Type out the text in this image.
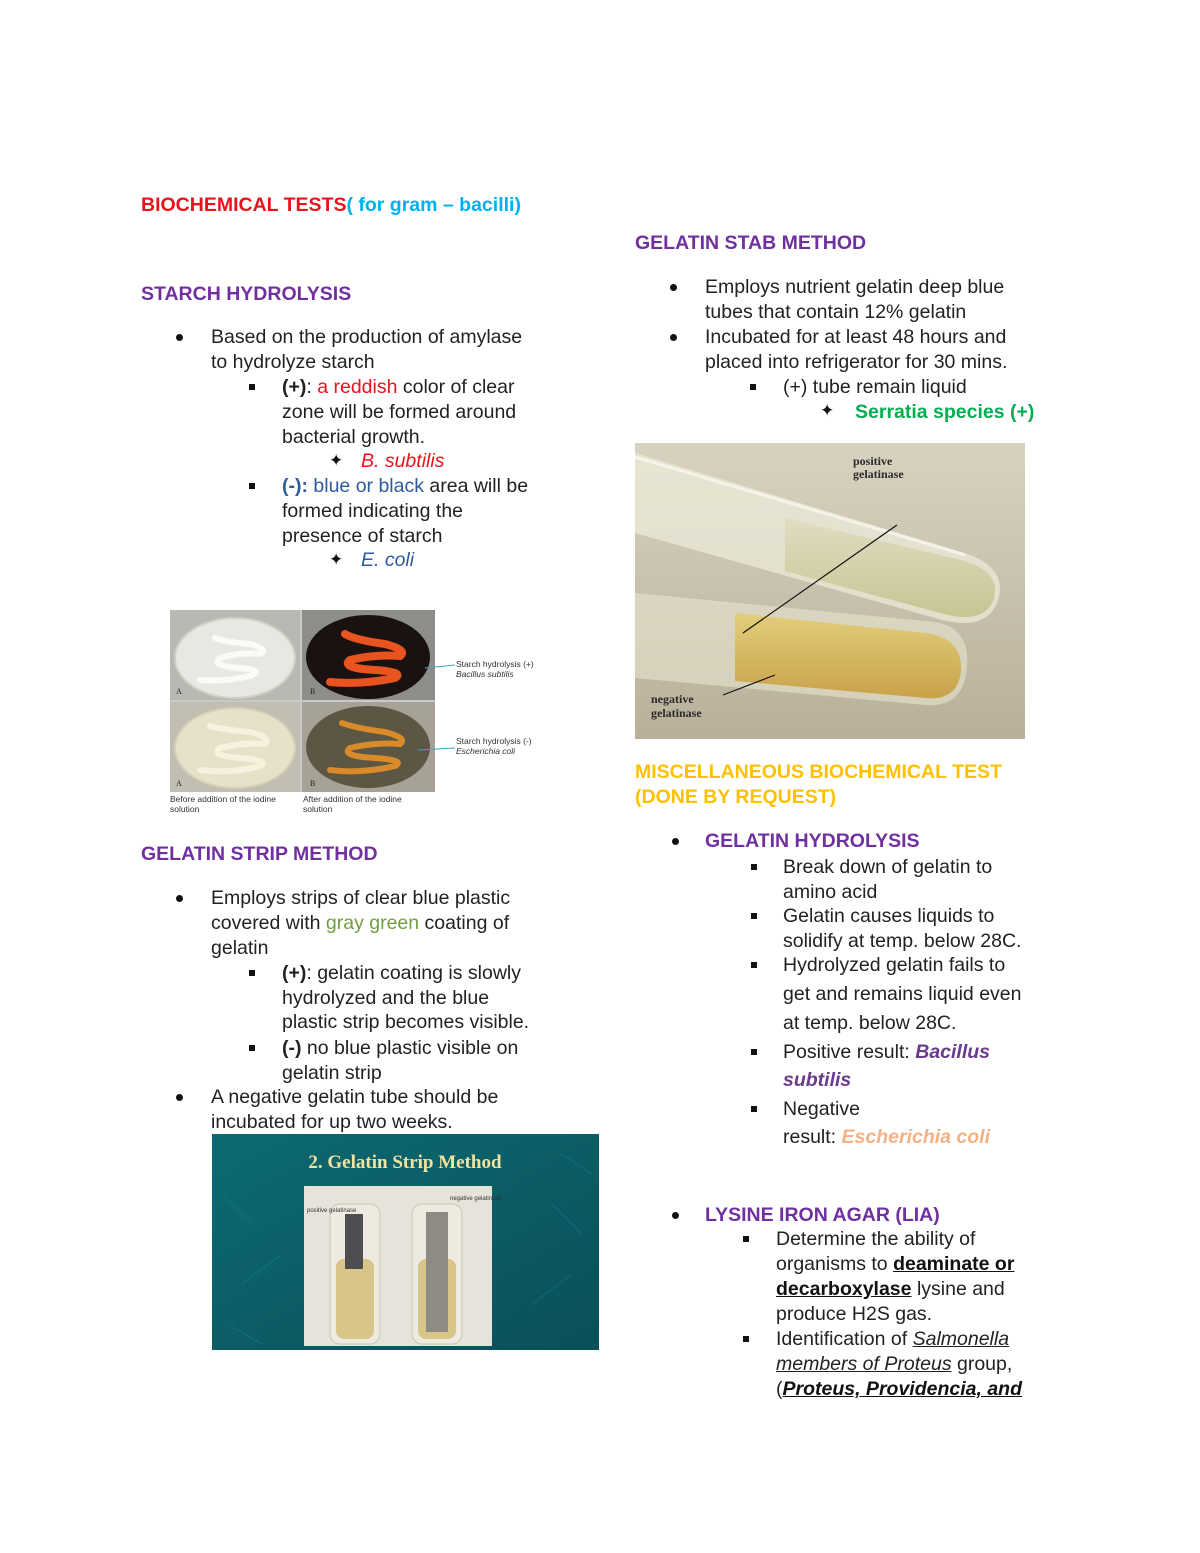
BIOCHEMICAL TESTS( for gram – bacilli)
STARCH HYDROLYSIS
Based on the production of amylase
to hydrolyze starch
(+): a reddish color of clear
zone will be formed around
bacterial growth.
✦ B. subtilis
(-): blue or black area will be
formed indicating the
presence of starch
✦ E. coli
A	B
A	B
Starch hydrolysis (+)
Bacillus subtilis
Starch hydrolysis (-)
Escherichia coli
Before addition of the iodine
solution
After addition of the iodine
solution
GELATIN STRIP METHOD
Employs strips of clear blue plastic
covered with gray green coating of
gelatin
(+): gelatin coating is slowly
hydrolyzed and the blue
plastic strip becomes visible.
(-) no blue plastic visible on
gelatin strip
A negative gelatin tube should be
incubated for up two weeks.
2. Gelatin Strip Method
positive gelatinase
negative gelatinase
GELATIN STAB METHOD
Employs nutrient gelatin deep blue
tubes that contain 12% gelatin
Incubated for at least 48 hours and
placed into refrigerator for 30 mins.
(+) tube remain liquid
✦ Serratia species (+)
positive
gelatinase
negative
gelatinase
MISCELLANEOUS BIOCHEMICAL TEST
(DONE BY REQUEST)
GELATIN HYDROLYSIS
Break down of gelatin to
amino acid
Gelatin causes liquids to
solidify at temp. below 28C.
Hydrolyzed gelatin fails to
get and remains liquid even
at temp. below 28C.
Positive result: Bacillus
subtilis
Negative
result: Escherichia coli
LYSINE IRON AGAR (LIA)
Determine the ability of
organisms to deaminate or
decarboxylase lysine and
produce H2S gas.
Identification of Salmonella
members of Proteus group,
(Proteus, Providencia, and
